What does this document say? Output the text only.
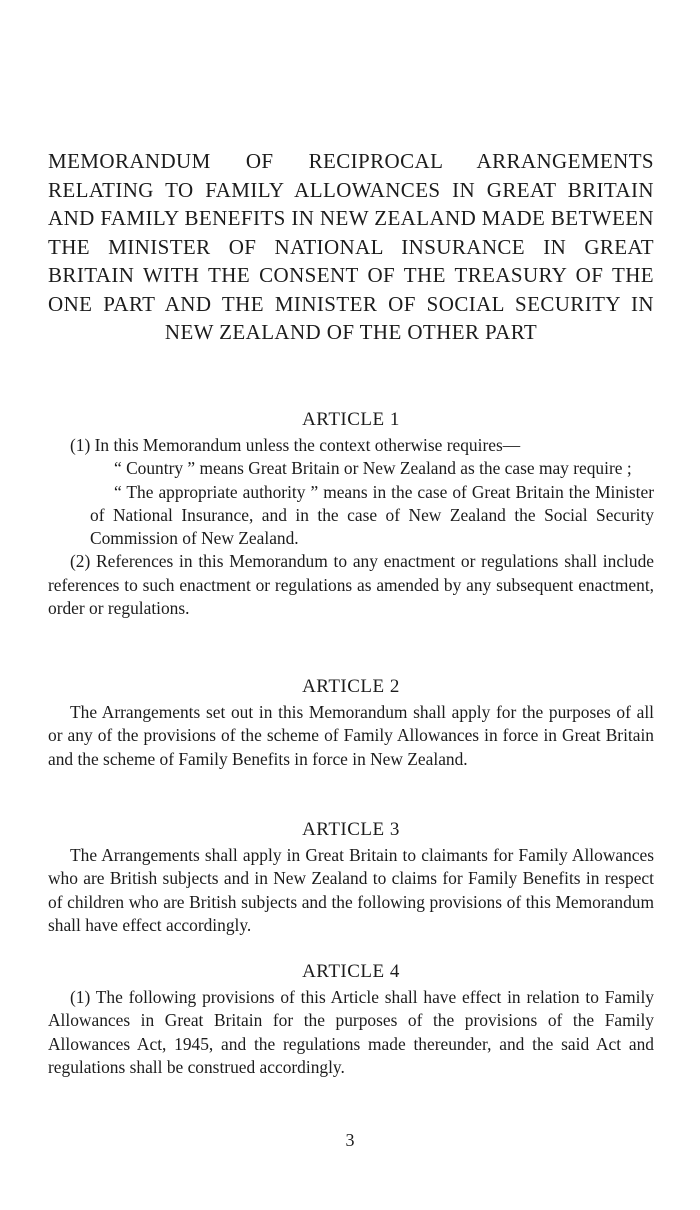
MEMORANDUM OF RECIPROCAL ARRANGEMENTS RELATING TO FAMILY ALLOWANCES IN GREAT BRITAIN AND FAMILY BENEFITS IN NEW ZEALAND MADE BETWEEN THE MINISTER OF NATIONAL INSURANCE IN GREAT BRITAIN WITH THE CONSENT OF THE TREASURY OF THE ONE PART AND THE MINISTER OF SOCIAL SECURITY IN NEW ZEALAND OF THE OTHER PART
ARTICLE 1

(1) In this Memorandum unless the context otherwise requires—

“ Country ” means Great Britain or New Zealand as the case may require ;

“ The appropriate authority ” means in the case of Great Britain the Minister of National Insurance, and in the case of New Zealand the Social Security Commission of New Zealand.

(2) References in this Memorandum to any enactment or regulations shall include references to such enactment or regulations as amended by any subsequent enactment, order or regulations.

ARTICLE 2

The Arrangements set out in this Memorandum shall apply for the purposes of all or any of the provisions of the scheme of Family Allowances in force in Great Britain and the scheme of Family Benefits in force in New Zealand.

ARTICLE 3

The Arrangements shall apply in Great Britain to claimants for Family Allowances who are British subjects and in New Zealand to claims for Family Benefits in respect of children who are British subjects and the following provisions of this Memorandum shall have effect accordingly.

ARTICLE 4

(1) The following provisions of this Article shall have effect in relation to Family Allowances in Great Britain for the purposes of the provisions of the Family Allowances Act, 1945, and the regulations made thereunder, and the said Act and regulations shall be construed accordingly.

3
